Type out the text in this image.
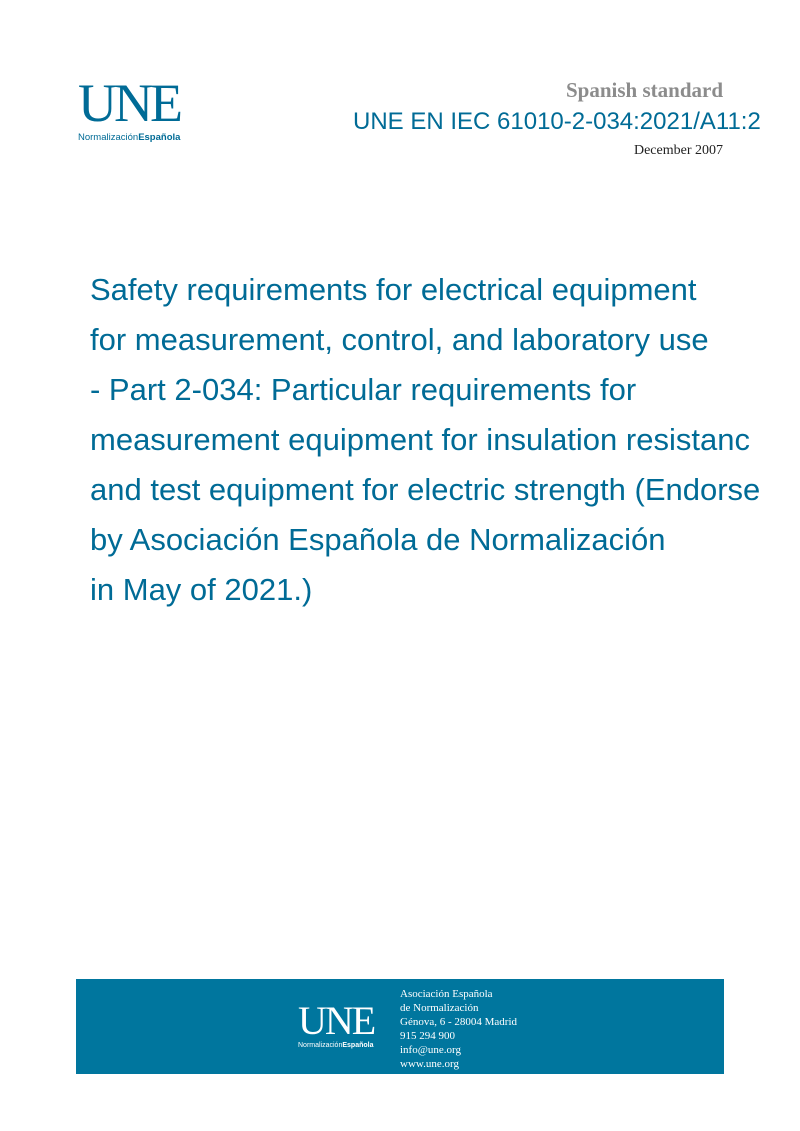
UNE
NormalizaciónEspañola
Spanish standard
UNE EN IEC 61010-2-034:2021/A11:2
December 2007
Safety requirements for electrical equipment
for measurement, control, and laboratory use
- Part 2-034: Particular requirements for
measurement equipment for insulation resistanc
and test equipment for electric strength (Endorse
by Asociación Española de Normalización
in May of 2021.)
UNE
NormalizaciónEspañola
Asociación Española
de Normalización
Génova, 6 - 28004 Madrid
915 294 900
info@une.org
www.une.org
